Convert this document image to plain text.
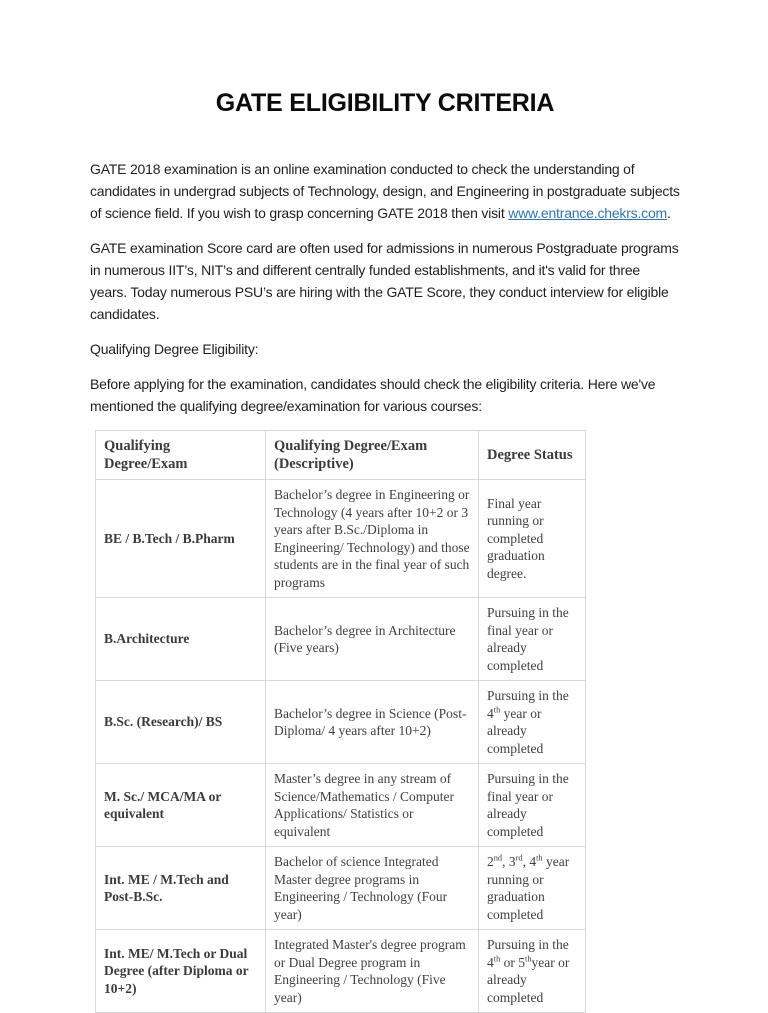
GATE ELIGIBILITY CRITERIA

GATE 2018 examination is an online examination conducted to check the understanding of candidates in undergrad subjects of Technology, design, and Engineering in postgraduate subjects of science field. If you wish to grasp concerning GATE 2018 then visit www.entrance.chekrs.com.

GATE examination Score card are often used for admissions in numerous Postgraduate programs in numerous IIT’s, NIT’s and different centrally funded establishments, and it's valid for three years. Today numerous PSU’s are hiring with the GATE Score, they conduct interview for eligible candidates.

Qualifying Degree Eligibility:

Before applying for the examination, candidates should check the eligibility criteria. Here we've mentioned the qualifying degree/examination for various courses:

Qualifying Degree/Exam	Qualifying Degree/Exam (Descriptive)	Degree Status
BE / B.Tech / B.Pharm	Bachelor’s degree in Engineering or Technology (4 years after 10+2 or 3 years after B.Sc./Diploma in Engineering/ Technology) and those students are in the final year of such programs	Final year running or completed graduation degree.
B.Architecture	Bachelor’s degree in Architecture (Five years)	Pursuing in the final year or already completed
B.Sc. (Research)/ BS	Bachelor’s degree in Science (Post-Diploma/ 4 years after 10+2)	Pursuing in the 4th year or already completed
M. Sc./ MCA/MA or equivalent	Master’s degree in any stream of Science/Mathematics / Computer Applications/ Statistics or equivalent	Pursuing in the final year or already completed
Int. ME / M.Tech and Post-B.Sc.	Bachelor of science Integrated Master degree programs in Engineering / Technology (Four year)	2nd, 3rd, 4th year running or graduation completed
Int. ME/ M.Tech or Dual Degree (after Diploma or 10+2)	Integrated Master's degree program or Dual Degree program in Engineering / Technology (Five year)	Pursuing in the 4th or 5thyear or already completed
